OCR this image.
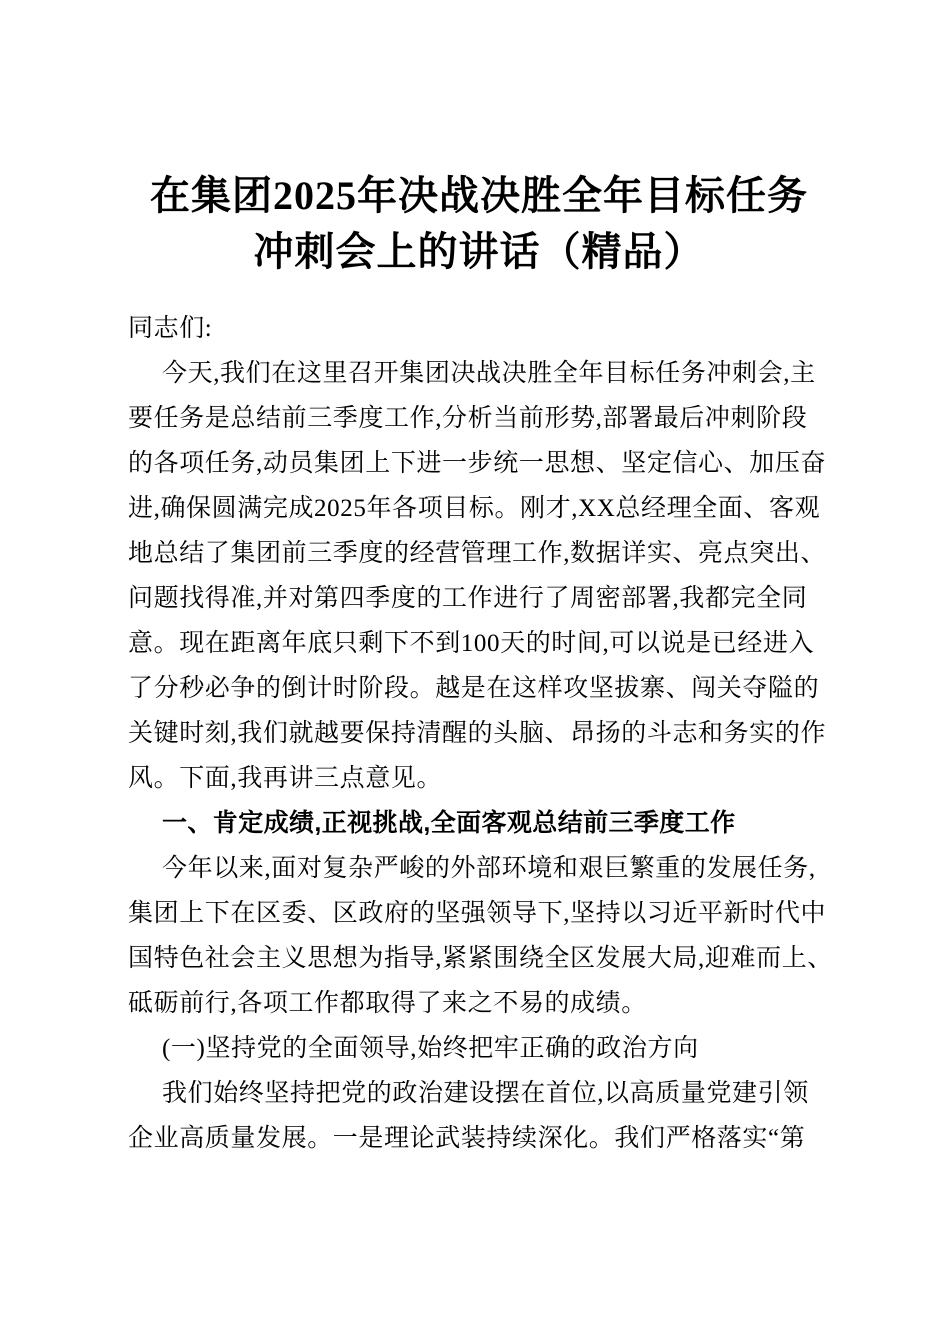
在集团2025年决战决胜全年目标任务
冲刺会上的讲话（精品）
同志们:
今天,我们在这里召开集团决战决胜全年目标任务冲刺会,主
要任务是总结前三季度工作,分析当前形势,部署最后冲刺阶段
的各项任务,动员集团上下进一步统一思想、坚定信心、加压奋
进,确保圆满完成2025年各项目标。刚才,XX总经理全面、客观
地总结了集团前三季度的经营管理工作,数据详实、亮点突出、
问题找得准,并对第四季度的工作进行了周密部署,我都完全同
意。现在距离年底只剩下不到100天的时间,可以说是已经进入
了分秒必争的倒计时阶段。越是在这样攻坚拔寨、闯关夺隘的
关键时刻,我们就越要保持清醒的头脑、昂扬的斗志和务实的作
风。下面,我再讲三点意见。
一、肯定成绩,正视挑战,全面客观总结前三季度工作
今年以来,面对复杂严峻的外部环境和艰巨繁重的发展任务,
集团上下在区委、区政府的坚强领导下,坚持以习近平新时代中
国特色社会主义思想为指导,紧紧围绕全区发展大局,迎难而上、
砥砺前行,各项工作都取得了来之不易的成绩。
(一)坚持党的全面领导,始终把牢正确的政治方向
我们始终坚持把党的政治建设摆在首位,以高质量党建引领
企业高质量发展。一是理论武装持续深化。我们严格落实“第
